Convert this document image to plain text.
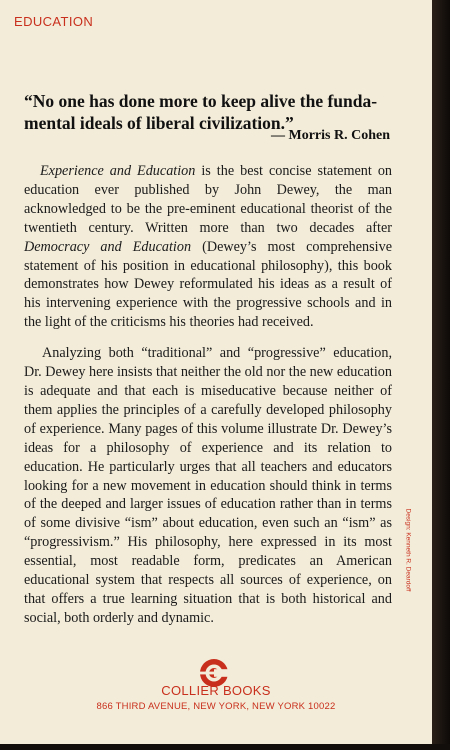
EDUCATION
“No one has done more to keep alive the funda-
mental ideals of liberal civilization.”
— Morris R. Cohen

Experience and Education is the best concise statement on education ever published by John Dewey, the man acknowledged to be the pre-eminent educational theorist of the twentieth century. Written more than two decades after Democracy and Education (Dewey’s most comprehensive statement of his position in educational philosophy), this book demonstrates how Dewey reformulated his ideas as a result of his intervening experience with the progressive schools and in the light of the criticisms his theories had received.

Analyzing both “traditional” and “progressive” education, Dr. Dewey here insists that neither the old nor the new education is adequate and that each is miseducative because neither of them applies the principles of a carefully developed philosophy of experience. Many pages of this volume illustrate Dr. Dewey’s ideas for a philosophy of experience and its relation to education. He particularly urges that all teachers and educators looking for a new movement in education should think in terms of the deeped and larger issues of education rather than in terms of some divisive “ism” about education, even such an “ism” as “progressivism.” His philosophy, here expressed in its most essential, most readable form, predicates an American educational system that respects all sources of experience, on that offers a true learning situation that is both historical and social, both orderly and dynamic.

Design: Kenneth R. Deardoff
COLLIER BOOKS
866 THIRD AVENUE, NEW YORK, NEW YORK 10022
